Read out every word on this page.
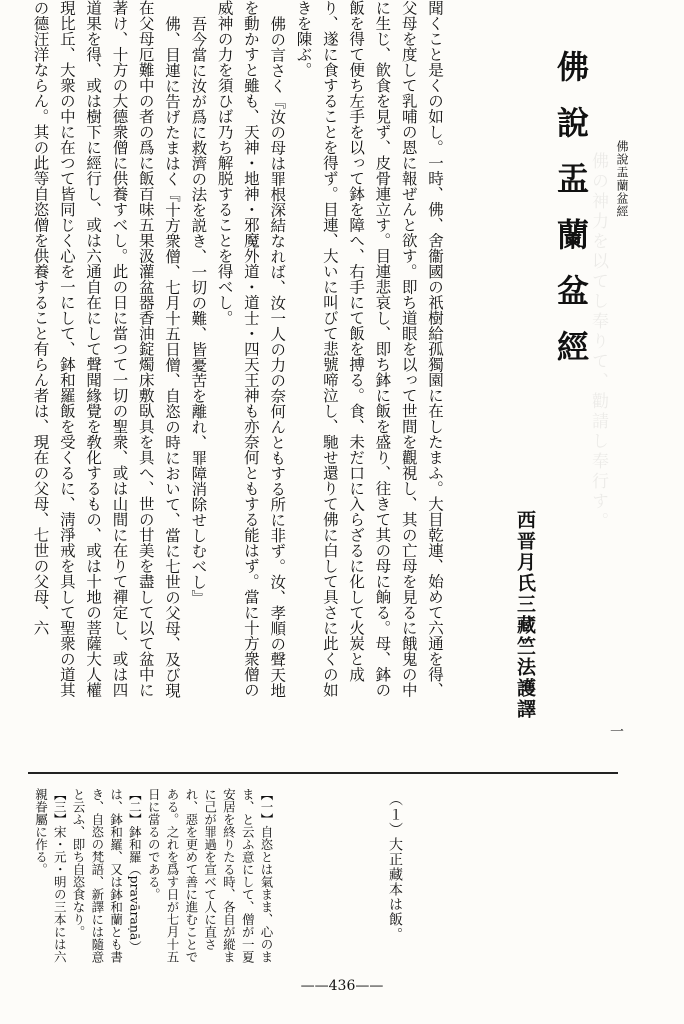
佛說盂蘭盆經
佛の神力を以てし奉りて、勸請し奉行す。
佛說盂蘭盆經
西晋月氏三藏竺法護譯
一

聞くこと是くの如し。一時、佛、舍衞國の祇樹給孤獨園に在したまふ。大目乾連、始めて六通を得、父母を度して乳哺の恩に報ぜんと欲す。即ち道眼を以って世間を觀視し、其の亡母を見るに餓鬼の中に生じ、飮食を見ず、皮骨連立す。目連悲哀し、即ち鉢に飯を盛り、往きて其の母に餉る。母、鉢の飯を得て便ち左手を以って鉢を障へ、右手にて飯を搏る。食、未だ口に入らざるに化して火炭と成り、遂に食することを得ず。目連、大いに叫びて悲號啼泣し、馳せ還りて佛に白して具さに此くの如きを陳ぶ。

佛の言さく『汝の母は罪根深結なれば、汝一人の力の奈何んともする所に非ず。汝、孝順の聲天地を動かすと雖も、天神・地神・邪魔外道・道士・四天王神も亦奈何ともする能はず。當に十方衆僧の威神の力を須ひば乃ち解脱することを得べし。

吾今當に汝が爲に救濟の法を説き、一切の難、皆憂苦を離れ、罪障消除せしむべし』

佛、目連に告げたまはく『十方衆僧、七月十五日僧、自恣の時において、當に七世の父母、及び現在父母厄難中の者の爲に飯百味五果汲灌盆器香油錠燭床敷臥具を具へ、世の甘美を盡して以て盆中に著け、十方の大德衆僧に供養すべし。此の日に當つて一切の聖衆、或は山間に在りて禪定し、或は四道果を得、或は樹下に經行し、或は六通自在にして聲聞緣覺を敎化するもの、或は十地の菩薩大人權現比丘、大衆の中に在つて皆同じく心を一にして、鉢和羅飯を受くるに、淸淨戒を具して聖衆の道其の德汪洋ならん。其の此等自恣僧を供養すること有らん者は、現在の父母、七世の父母、六

（１）大正藏本は飯。

【一】自恣とは氣まま、心のまま、と云ふ意にして、僧が一夏安居を終りたる時、各自が縱まに己が罪過を宣べて人に直され、惡を更めて善に進むことである。之れを爲す日が七月十五日に當るのである。

【二】鉢和羅（pravāraṇā）は、鉢和羅、又は鉢和蘭とも書き、自恣の梵語、新譯には隨意と云ふ、即ち自恣食なり。

【三】宋・元・明の三本には六親眷屬に作る。

——436——
